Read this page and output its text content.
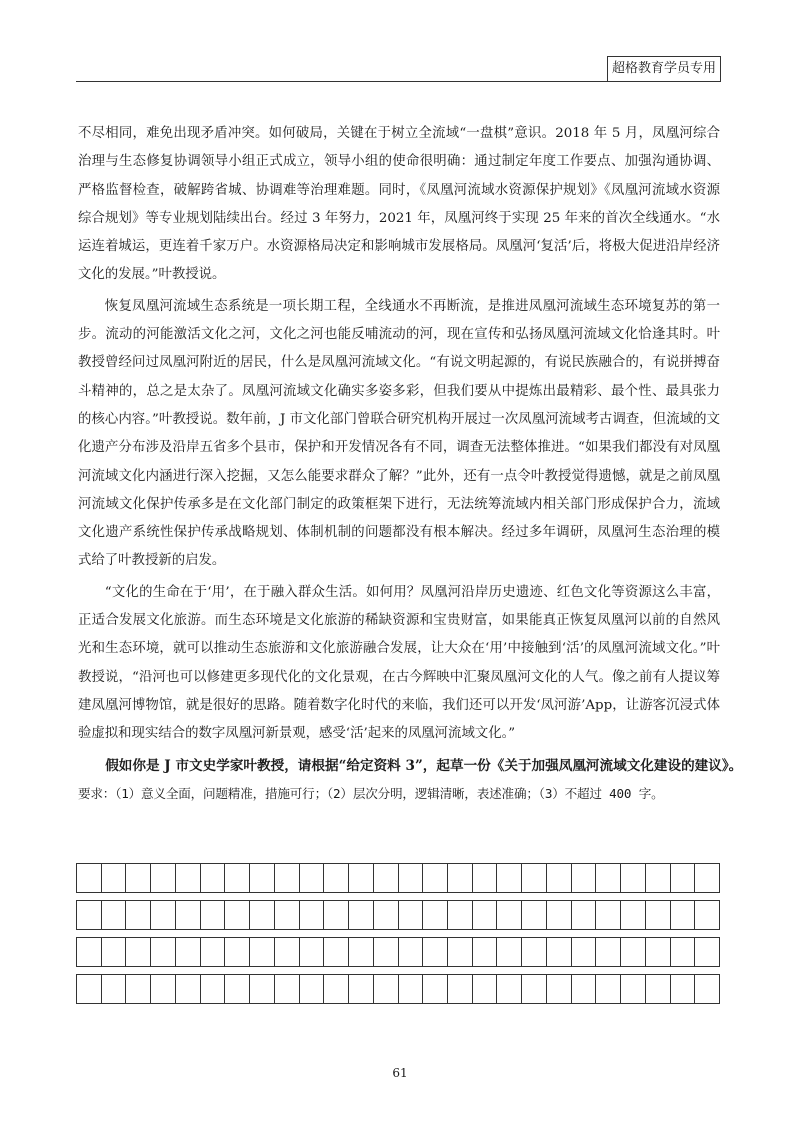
超格教育学员专用

不尽相同，难免出现矛盾冲突。如何破局，关键在于树立全流域“一盘棋”意识。2018 年 5 月，凤凰河综合治理与生态修复协调领导小组正式成立，领导小组的使命很明确：通过制定年度工作要点、加强沟通协调、严格监督检查，破解跨省城、协调难等治理难题。同时，《凤凰河流域水资源保护规划》《凤凰河流域水资源综合规划》等专业规划陆续出台。经过 3 年努力，2021 年，凤凰河终于实现 25 年来的首次全线通水。“水运连着城运，更连着千家万户。水资源格局决定和影响城市发展格局。凤凰河‘复活’后，将极大促进沿岸经济文化的发展。”叶教授说。

恢复凤凰河流域生态系统是一项长期工程，全线通水不再断流，是推进凤凰河流域生态环境复苏的第一步。流动的河能激活文化之河，文化之河也能反哺流动的河，现在宣传和弘扬凤凰河流域文化恰逢其时。叶教授曾经问过凤凰河附近的居民，什么是凤凰河流域文化。“有说文明起源的，有说民族融合的，有说拼搏奋斗精神的，总之是太杂了。凤凰河流域文化确实多姿多彩，但我们要从中提炼出最精彩、最个性、最具张力的核心内容。”叶教授说。数年前，J 市文化部门曾联合研究机构开展过一次凤凰河流域考古调查，但流域的文化遗产分布涉及沿岸五省多个县市，保护和开发情况各有不同，调查无法整体推进。“如果我们都没有对凤凰河流域文化内涵进行深入挖掘，又怎么能要求群众了解？”此外，还有一点令叶教授觉得遗憾，就是之前凤凰河流域文化保护传承多是在文化部门制定的政策框架下进行，无法统筹流域内相关部门形成保护合力，流域文化遗产系统性保护传承战略规划、体制机制的问题都没有根本解决。经过多年调研，凤凰河生态治理的模式给了叶教授新的启发。

“文化的生命在于‘用’，在于融入群众生活。如何用？凤凰河沿岸历史遗迹、红色文化等资源这么丰富，正适合发展文化旅游。而生态环境是文化旅游的稀缺资源和宝贵财富，如果能真正恢复凤凰河以前的自然风光和生态环境，就可以推动生态旅游和文化旅游融合发展，让大众在‘用’中接触到‘活’的凤凰河流域文化。”叶教授说，“沿河也可以修建更多现代化的文化景观，在古今辉映中汇聚凤凰河文化的人气。像之前有人提议筹建凤凰河博物馆，就是很好的思路。随着数字化时代的来临，我们还可以开发‘凤河游’App，让游客沉浸式体验虚拟和现实结合的数字凤凰河新景观，感受‘活’起来的凤凰河流域文化。”

假如你是 J 市文史学家叶教授，请根据“给定资料 3”，起草一份《关于加强凤凰河流域文化建设的建议》。

要求：（1）意义全面，问题精准，措施可行；（2）层次分明，逻辑清晰，表述准确；（3）不超过 400 字。

61
